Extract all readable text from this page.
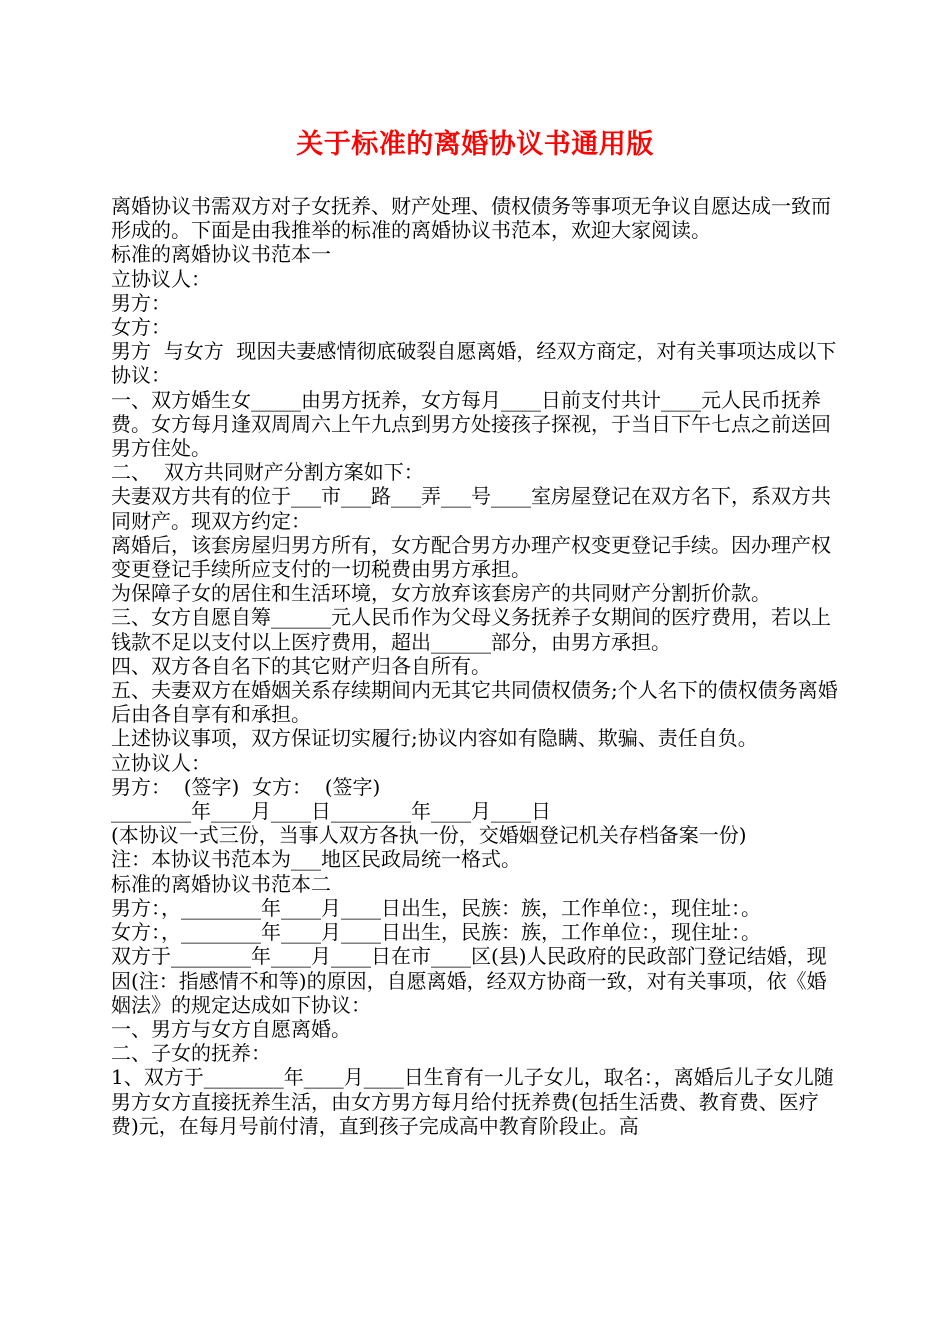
关于标准的离婚协议书通用版

离婚协议书需双方对子女抚养、财产处理、债权债务等事项无争议自愿达成一致而形成的。下面是由我推举的标准的离婚协议书范本，欢迎大家阅读。

标准的离婚协议书范本一

立协议人：

男方：

女方：

男方  与女方  现因夫妻感情彻底破裂自愿离婚，经双方商定，对有关事项达成以下协议：

一、双方婚生女_____由男方抚养，女方每月____日前支付共计____元人民币抚养费。女方每月逢双周周六上午九点到男方处接孩子探视，于当日下午七点之前送回男方住处。

二、  双方共同财产分割方案如下：

夫妻双方共有的位于___市___路___弄___号____室房屋登记在双方名下，系双方共同财产。现双方约定：

离婚后，该套房屋归男方所有，女方配合男方办理产权变更登记手续。因办理产权变更登记手续所应支付的一切税费由男方承担。

为保障子女的居住和生活环境，女方放弃该套房产的共同财产分割折价款。

三、女方自愿自筹______元人民币作为父母义务抚养子女期间的医疗费用，若以上钱款不足以支付以上医疗费用，超出______部分，由男方承担。

四、双方各自名下的其它财产归各自所有。

五、夫妻双方在婚姻关系存续期间内无其它共同债权债务;个人名下的债权债务离婚后由各自享有和承担。

上述协议事项，双方保证切实履行;协议内容如有隐瞒、欺骗、责任自负。

立协议人：

男方：  (签字)  女方：  (签字)

________年____月____日________年____月____日

(本协议一式三份，当事人双方各执一份，交婚姻登记机关存档备案一份)

注：本协议书范本为___地区民政局统一格式。

标准的离婚协议书范本二

男方：，________年____月____日出生，民族：族，工作单位：，现住址：。

女方：，________年____月____日出生，民族：族，工作单位：，现住址：。

双方于________年____月____日在市____区(县)人民政府的民政部门登记结婚，现因(注：指感情不和等)的原因，自愿离婚，经双方协商一致，对有关事项，依《婚姻法》的规定达成如下协议：

一、男方与女方自愿离婚。

二、子女的抚养：

1、双方于________年____月____日生育有一儿子女儿，取名：，离婚后儿子女儿随男方女方直接抚养生活，由女方男方每月给付抚养费(包括生活费、教育费、医疗费)元，在每月号前付清，直到孩子完成高中教育阶段止。高
